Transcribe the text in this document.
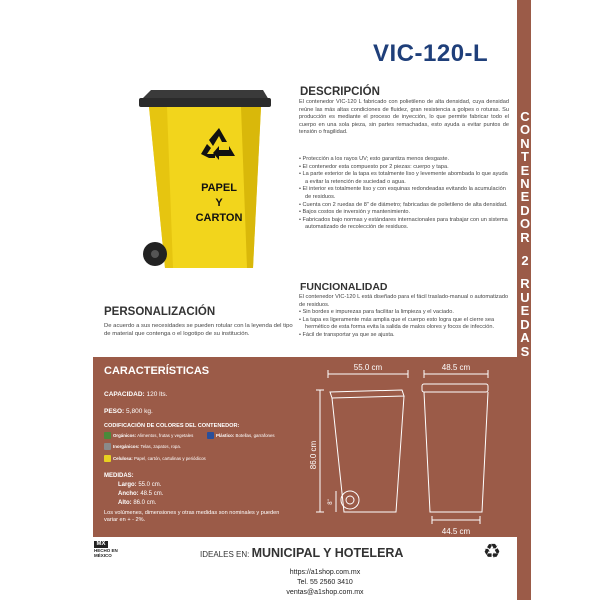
C
O
N
T
E
N
E
D
O
R

2

R
U
E
D
A
S
VIC-120-L
PAPEL
Y
CARTON
DESCRIPCIÓN
El contenedor VIC-120 L fabricado con polietileno de alta densidad, cuya densidad reúne las más altas condiciones de fluidez, gran resistencia a golpes o roturas. Su producción es mediante el proceso de inyección, lo que permite fabricar todo el cuerpo en una sola pieza, sin partes remachadas, esto ayuda a evitar puntos de tensión o fragilidad.
• Protección a los rayos UV; esto garantiza menos desgaste.
• El contenedor esta compuesto por 2 piezas: cuerpo y tapa.
• La parte exterior de la tapa es totalmente liso y levemente abombada lo que ayuda a evitar la retención de suciedad o agua.
• El interior es totalmente liso y con esquinas redondeadas evitando la acumulación de residuos.
• Cuenta con 2 ruedas de 8" de diámetro; fabricadas de polietileno de alta densidad.
• Bajos costos de inversión y mantenimiento.
• Fabricados bajo normas y estándares internacionales para trabajar con un sistema automatizado de recolección de residuos.
FUNCIONALIDAD
El contenedor VIC-120 L está diseñado para el fácil traslado-manual o automatizado de residuos.
• Sin bordes e impurezas para facilitar la limpieza y el vaciado.
• La tapa es ligeramente más amplia que el cuerpo esto logra que el cierre sea hermético de esta forma evita la salida de malos olores y focos de infección.
• Fácil de transportar ya que se ajusta.
PERSONALIZACIÓN
De acuerdo a sus necesidades se pueden rotular con la leyenda del tipo de material que contenga o el logotipo de su institución.
CARACTERÍSTICAS
CAPACIDAD: 120 lts.
PESO: 5,800 kg.
CODIFICACIÓN DE COLORES DEL CONTENEDOR:
Orgánicos: Alimentos, frutas y vegetales	Plástico: Botellas, garrafones
Inorgánicos: Telas, zapatos, ropa.
Celulosa: Papel, cartón, cartulinas y periódicos
MEDIDAS:
Largo: 55.0 cm.
Ancho: 48.5 cm.
Alto: 86.0 cm.
Los volúmenes, dimensiones y otras medidas son nominales y pueden variar en + - 2%.
55.0 cm
86.0 cm
8"
48.5 cm
44.5 cm
MX
HECHO EN
MÉXICO	IDEALES EN: MUNICIPAL Y HOTELERA	♻
https://a1shop.com.mx
Tel. 55 2560 3410
ventas@a1shop.com.mx
